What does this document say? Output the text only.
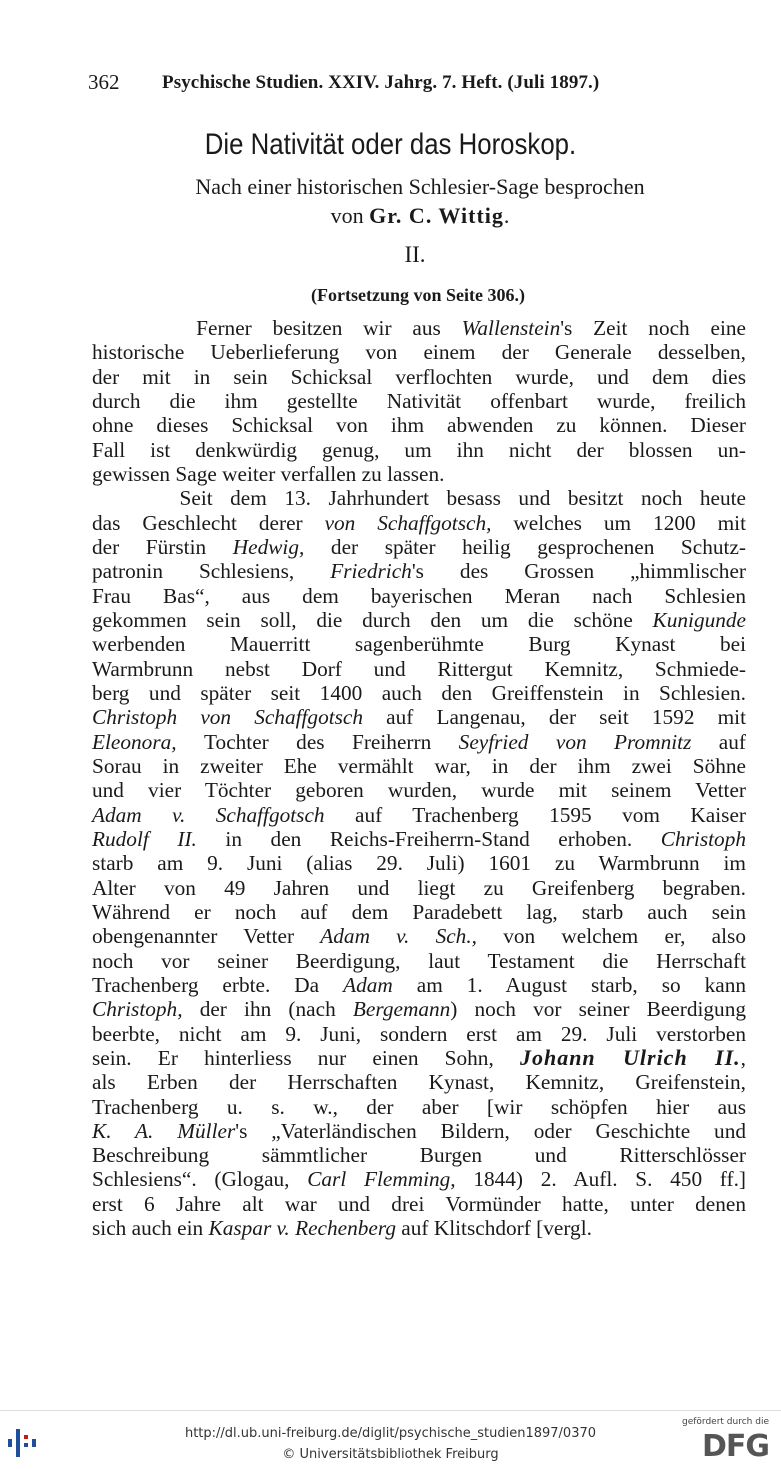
362 Psychische Studien. XXIV. Jahrg. 7. Heft. (Juli 1897.)
Die Nativität oder das Horoskop.
Nach einer historischen Schlesier-Sage besprochen
von Gr. C. Wittig.
II.
(Fortsetzung von Seite 306.)

Ferner besitzen wir aus Wallenstein's Zeit noch eine

historische Ueberlieferung von einem der Generale desselben,

der mit in sein Schicksal verflochten wurde, und dem dies

durch die ihm gestellte Nativität offenbart wurde, freilich

ohne dieses Schicksal von ihm abwenden zu können. Dieser

Fall ist denkwürdig genug, um ihn nicht der blossen un-

gewissen Sage weiter verfallen zu lassen.

Seit dem 13. Jahrhundert besass und besitzt noch heute

das Geschlecht derer von Schaffgotsch, welches um 1200 mit

der Fürstin Hedwig, der später heilig gesprochenen Schutz-

patronin Schlesiens, Friedrich's des Grossen „himmlischer

Frau Bas“, aus dem bayerischen Meran nach Schlesien

gekommen sein soll, die durch den um die schöne Kunigunde

werbenden Mauerritt sagenberühmte Burg Kynast bei

Warmbrunn nebst Dorf und Rittergut Kemnitz, Schmiede-

berg und später seit 1400 auch den Greiffenstein in Schlesien.

Christoph von Schaffgotsch auf Langenau, der seit 1592 mit

Eleonora, Tochter des Freiherrn Seyfried von Promnitz auf

Sorau in zweiter Ehe vermählt war, in der ihm zwei Söhne

und vier Töchter geboren wurden, wurde mit seinem Vetter

Adam v. Schaffgotsch auf Trachenberg 1595 vom Kaiser

Rudolf II. in den Reichs-Freiherrn-Stand erhoben. Christoph

starb am 9. Juni (alias 29. Juli) 1601 zu Warmbrunn im

Alter von 49 Jahren und liegt zu Greifenberg begraben.

Während er noch auf dem Paradebett lag, starb auch sein

obengenannter Vetter Adam v. Sch., von welchem er, also

noch vor seiner Beerdigung, laut Testament die Herrschaft

Trachenberg erbte. Da Adam am 1. August starb, so kann

Christoph, der ihn (nach Bergemann) noch vor seiner Beerdigung

beerbte, nicht am 9. Juni, sondern erst am 29. Juli verstorben

sein. Er hinterliess nur einen Sohn, Johann Ulrich II.,

als Erben der Herrschaften Kynast, Kemnitz, Greifenstein,

Trachenberg u. s. w., der aber [wir schöpfen hier aus

K. A. Müller's „Vaterländischen Bildern, oder Geschichte und

Beschreibung sämmtlicher Burgen und Ritterschlösser

Schlesiens“. (Glogau, Carl Flemming, 1844) 2. Aufl. S. 450 ff.]

erst 6 Jahre alt war und drei Vormünder hatte, unter denen

sich auch ein Kaspar v. Rechenberg auf Klitschdorf [vergl.

http://dl.ub.uni-freiburg.de/diglit/psychische_studien1897/0370
© Universitätsbibliothek Freiburg
gefördert durch die
DFG
